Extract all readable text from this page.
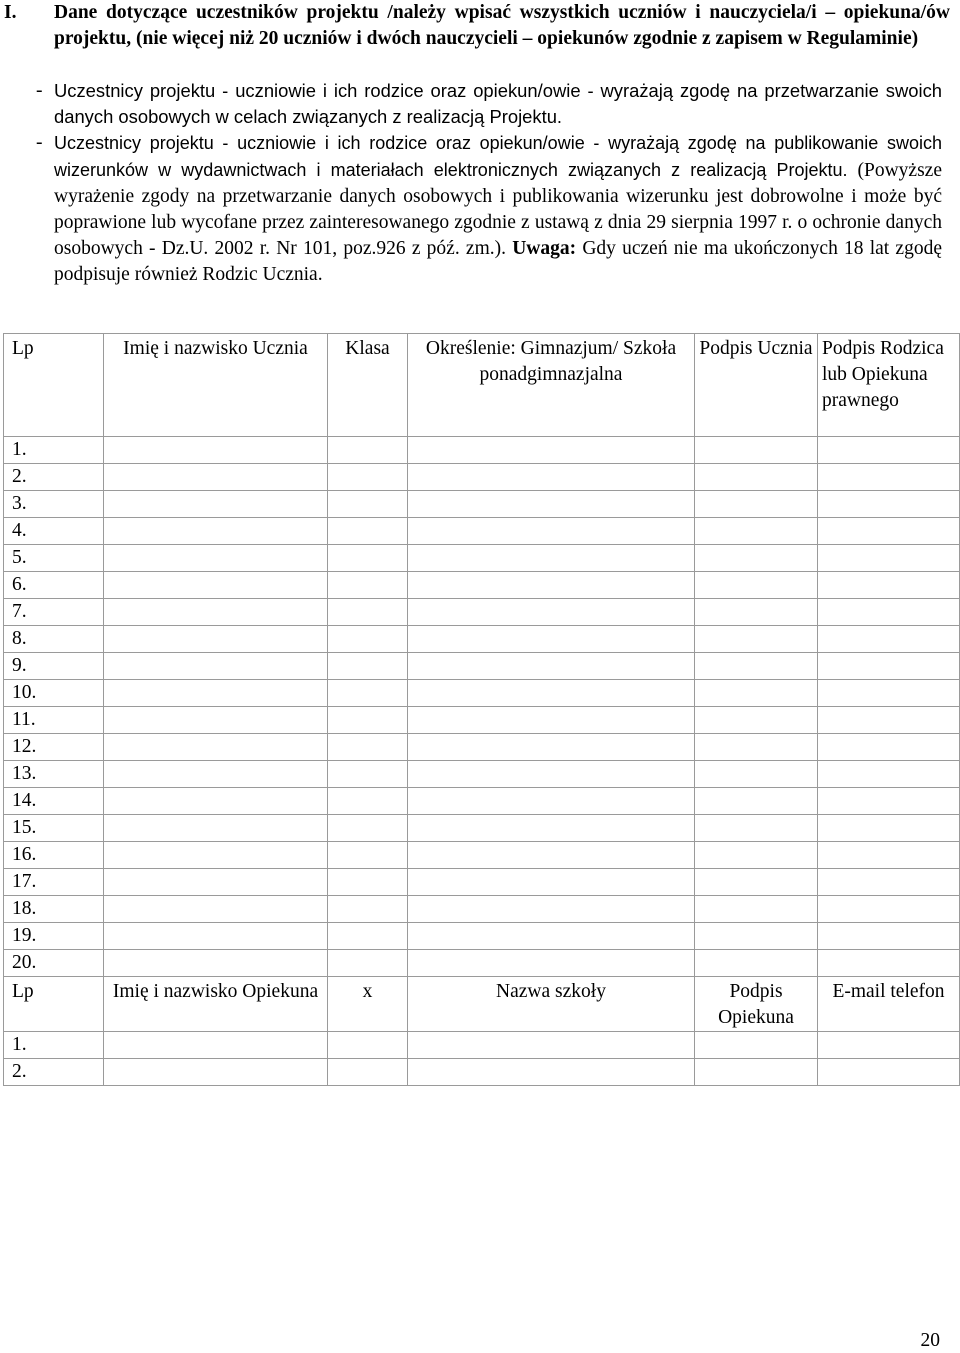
I. Dane dotyczące uczestników projektu /należy wpisać wszystkich uczniów i nauczyciela/i – opiekuna/ów projektu, (nie więcej niż 20 uczniów i dwóch nauczycieli – opiekunów zgodnie z zapisem w Regulaminie)
- Uczestnicy projektu - uczniowie i ich rodzice oraz opiekun/owie - wyrażają zgodę na przetwarzanie swoich danych osobowych w celach związanych z realizacją Projektu.
- Uczestnicy projektu - uczniowie i ich rodzice oraz opiekun/owie - wyrażają zgodę na publikowanie swoich wizerunków w wydawnictwach i materiałach elektronicznych związanych z realizacją Projektu. (Powyższe wyrażenie zgody na przetwarzanie danych osobowych i publikowania wizerunku jest dobrowolne i może być poprawione lub wycofane przez zainteresowanego zgodnie z ustawą z dnia 29 sierpnia 1997 r. o ochronie danych osobowych - Dz.U. 2002 r. Nr 101, poz.926 z póź. zm.). Uwaga: Gdy uczeń nie ma ukończonych 18 lat zgodę podpisuje również Rodzic Ucznia.
Lp	Imię i nazwisko Ucznia	Klasa	Określenie: Gimnazjum/ Szkoła ponadgimnazjalna	Podpis Ucznia	Podpis Rodzica lub Opiekuna prawnego
1.					
2.					
3.					
4.					
5.					
6.					
7.					
8.					
9.					
10.					
11.					
12.					
13.					
14.					
15.					
16.					
17.					
18.					
19.					
20.					
Lp	Imię i nazwisko Opiekuna	x	Nazwa szkoły	Podpis Opiekuna	E-mail telefon
1.					
2.					
20
